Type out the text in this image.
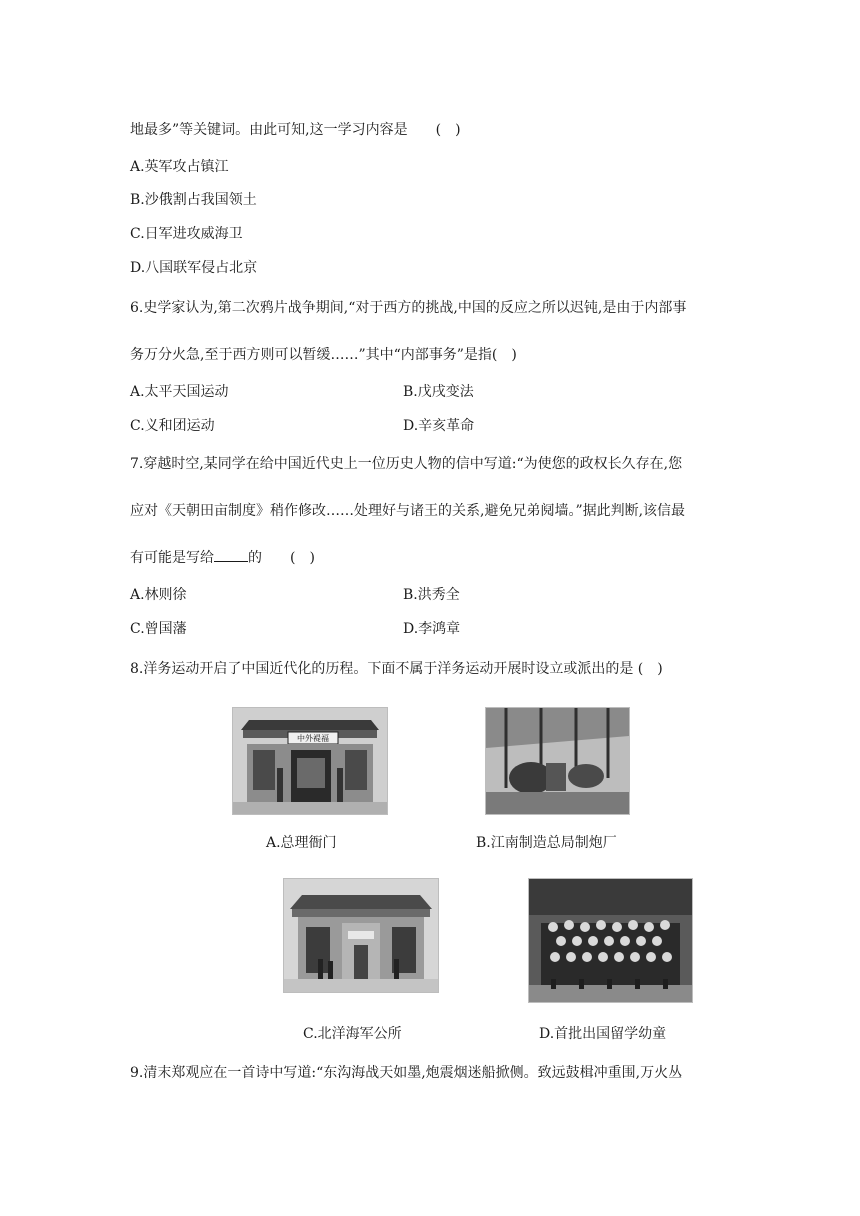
地最多”等关键词。由此可知,这一学习内容是　　(　)
A.英军攻占镇江
B.沙俄割占我国领土
C.日军进攻威海卫
D.八国联军侵占北京
6.史学家认为,第二次鸦片战争期间,“对于西方的挑战,中国的反应之所以迟钝,是由于内部事
务万分火急,至于西方则可以暂缓……”其中“内部事务”是指(　)
A.太平天国运动	B.戊戌变法
C.义和团运动	D.辛亥革命
7.穿越时空,某同学在给中国近代史上一位历史人物的信中写道:“为使您的政权长久存在,您
应对《天朝田亩制度》稍作修改……处理好与诸王的关系,避免兄弟阋墙。”据此判断,该信最
有可能是写给 的　　(　)
A.林则徐	B.洪秀全
C.曾国藩	D.李鸿章
8.洋务运动开启了中国近代化的历程。下面不属于洋务运动开展时设立或派出的是 (　)
中外褆福
A.总理衙门	B.江南制造总局制炮厂
C.北洋海军公所	D.首批出国留学幼童
9.清末郑观应在一首诗中写道:“东沟海战天如墨,炮震烟迷船掀侧。致远鼓楫冲重围,万火丛
